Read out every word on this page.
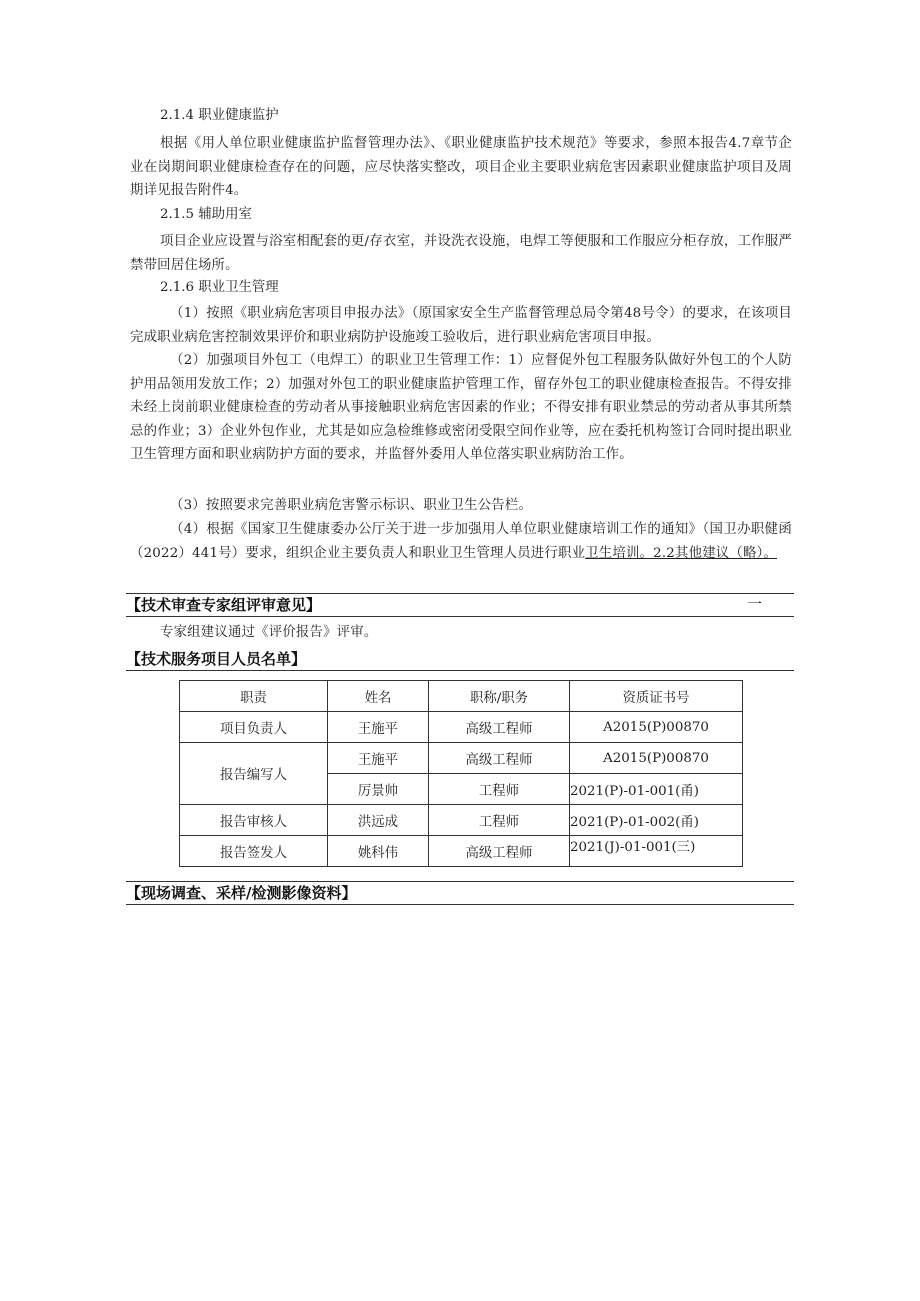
2.1.4 职业健康监护

根据《用人单位职业健康监护监督管理办法》、《职业健康监护技术规范》等要求，参照本报告4.7章节企业在岗期间职业健康检查存在的问题，应尽快落实整改，项目企业主要职业病危害因素职业健康监护项目及周期详见报告附件4。

2.1.5 辅助用室

项目企业应设置与浴室相配套的更/存衣室，并设洗衣设施，电焊工等便服和工作服应分柜存放，工作服严禁带回居住场所。

2.1.6 职业卫生管理

（1）按照《职业病危害项目申报办法》（原国家安全生产监督管理总局令第48号令）的要求，在该项目完成职业病危害控制效果评价和职业病防护设施竣工验收后，进行职业病危害项目申报。

（2）加强项目外包工（电焊工）的职业卫生管理工作：1）应督促外包工程服务队做好外包工的个人防护用品领用发放工作；2）加强对外包工的职业健康监护管理工作，留存外包工的职业健康检查报告。不得安排未经上岗前职业健康检查的劳动者从事接触职业病危害因素的作业；不得安排有职业禁忌的劳动者从事其所禁忌的作业；3）企业外包作业，尤其是如应急检维修或密闭受限空间作业等，应在委托机构签订合同时提出职业卫生管理方面和职业病防护方面的要求，并监督外委用人单位落实职业病防治工作。

（3）按照要求完善职业病危害警示标识、职业卫生公告栏。

（4）根据《国家卫生健康委办公厅关于进一步加强用人单位职业健康培训工作的通知》（国卫办职健函（2022）441号）要求，组织企业主要负责人和职业卫生管理人员进行职业卫生培训。2.2其他建议（略）。

【技术审查专家组评审意见】	一

专家组建议通过《评价报告》评审。

【技术服务项目人员名单】
职责	姓名	职称/职务	资质证书号
项目负责人	王施平	高级工程师	A2015(P)00870
报告编写人	王施平	高级工程师	A2015(P)00870
	厉景帅	工程师	2021(P)-01-001(甬)
报告审核人	洪远成	工程师	2021(P)-01-002(甬)
报告签发人	姚科伟	高级工程师	2021(J)-01-001(三)
【现场调查、采样/检测影像资料】
